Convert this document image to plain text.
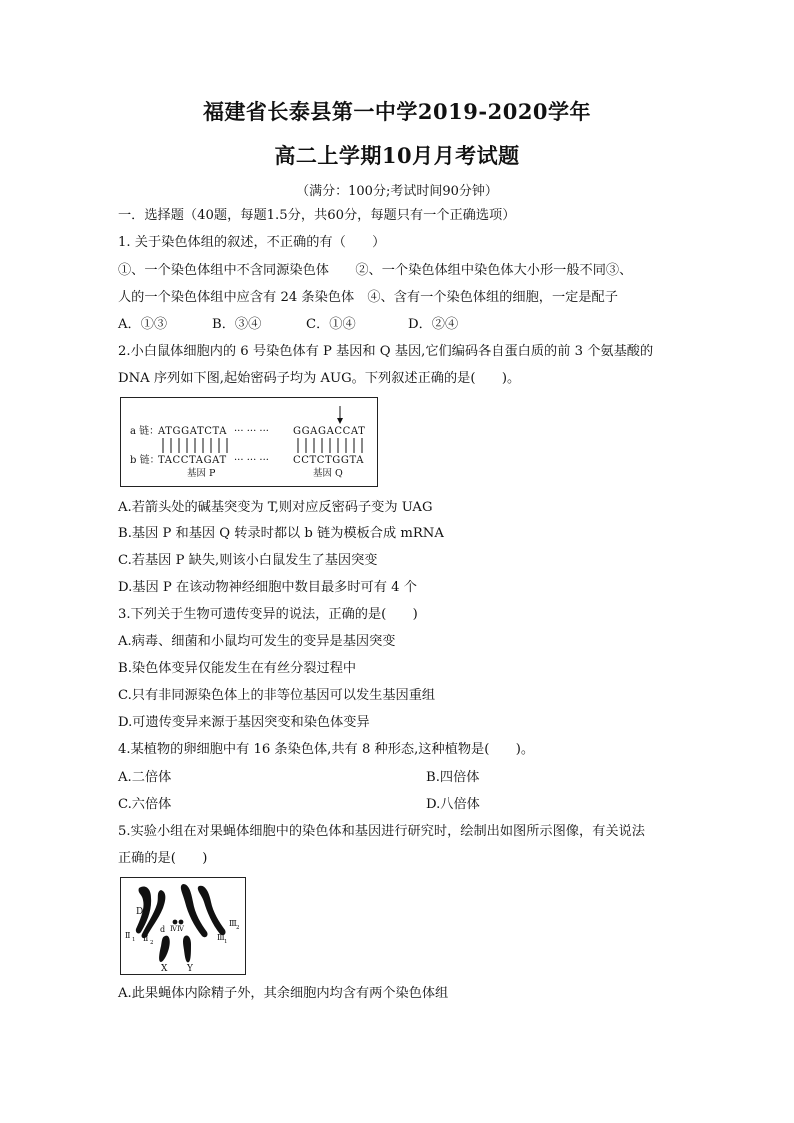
福建省长泰县第一中学2019-2020学年
高二上学期10月月考试题
（满分：100分;考试时间90分钟）
一．选择题（40题，每题1.5分，共60分，每题只有一个正确选项）
1. 关于染色体组的叙述，不正确的有（　　）
①、一个染色体组中不含同源染色体　　②、一个染色体组中染色体大小形一般不同③、
人的一个染色体组中应含有 24 条染色体　④、含有一个染色体组的细胞，一定是配子
A．①③	B．③④	C．①④	D．②④
2.小白鼠体细胞内的 6 号染色体有 P 基因和 Q 基因,它们编码各自蛋白质的前 3 个氨基酸的
DNA 序列如下图,起始密码子均为 AUG。下列叙述正确的是(　　)。
a 链：
ATGGATCTA ··· ··· ··· GGAGACCAT
b 链：
TACCTAGAT ··· ··· ··· CCTCTGGTA
基因 P	基因 Q
A.若箭头处的碱基突变为 T,则对应反密码子变为 UAG
B.基因 P 和基因 Q 转录时都以 b 链为模板合成 mRNA
C.若基因 P 缺失,则该小白鼠发生了基因突变
D.基因 P 在该动物神经细胞中数目最多时可有 4 个
3.下列关于生物可遗传变异的说法，正确的是(　　)
A.病毒、细菌和小鼠均可发生的变异是基因突变
B.染色体变异仅能发生在有丝分裂过程中
C.只有非同源染色体上的非等位基因可以发生基因重组
D.可遗传变异来源于基因突变和染色体变异
4.某植物的卵细胞中有 16 条染色体,共有 8 种形态,这种植物是(　　)。
A.二倍体	B.四倍体
C.六倍体	D.八倍体
5.实验小组在对果蝇体细胞中的染色体和基因进行研究时，绘制出如图所示图像，有关说法
正确的是(　　)
D
d
Ⅱ 1 Ⅱ 2
ⅣⅣ
Ⅲ 2
Ⅲ 1
X Y
A.此果蝇体内除精子外，其余细胞内均含有两个染色体组
